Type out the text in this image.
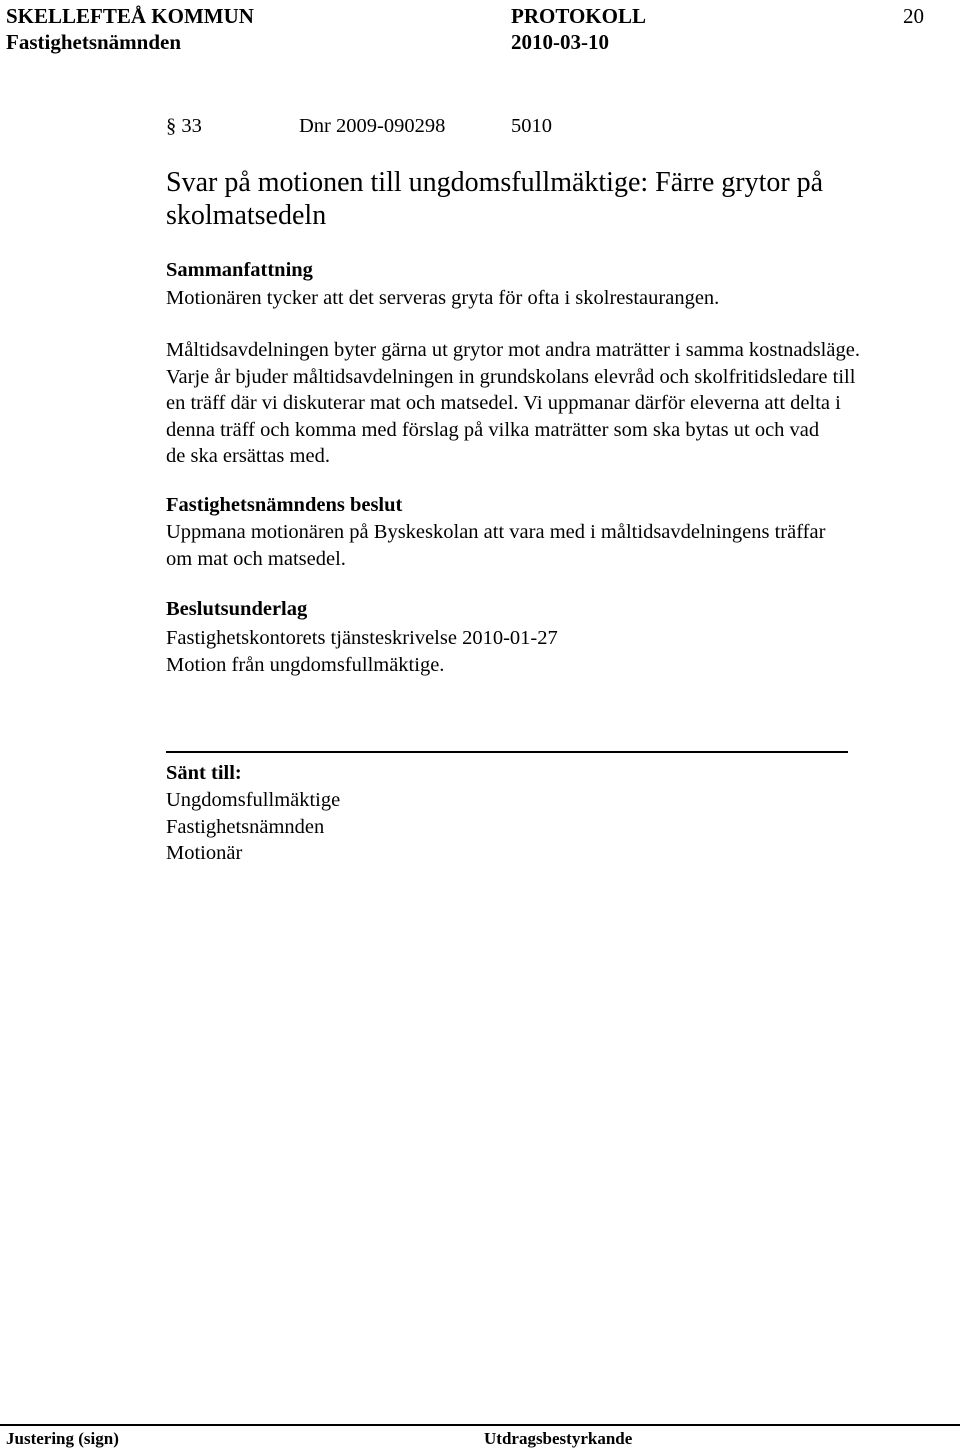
SKELLEFTEÅ KOMMUN	PROTOKOLL	20
Fastighetsnämnden	2010-03-10
§ 33	Dnr 2009-090298	5010
Svar på motionen till ungdomsfullmäktige: Färre grytor på skolmatsedeln
Sammanfattning
Motionären tycker att det serveras gryta för ofta i skolrestaurangen.
Måltidsavdelningen byter gärna ut grytor mot andra maträtter i samma kostnadsläge.
Varje år bjuder måltidsavdelningen in grundskolans elevråd och skolfritidsledare till
en träff där vi diskuterar mat och matsedel. Vi uppmanar därför eleverna att delta i
denna träff och komma med förslag på vilka maträtter som ska bytas ut och vad
de ska ersättas med.
Fastighetsnämndens beslut
Uppmana motionären på Byskeskolan att vara med i måltidsavdelningens träffar
om mat och matsedel.
Beslutsunderlag
Fastighetskontorets tjänsteskrivelse 2010-01-27
Motion från ungdomsfullmäktige.
Sänt till:
Ungdomsfullmäktige
Fastighetsnämnden
Motionär
Justering (sign)	Utdragsbestyrkande
